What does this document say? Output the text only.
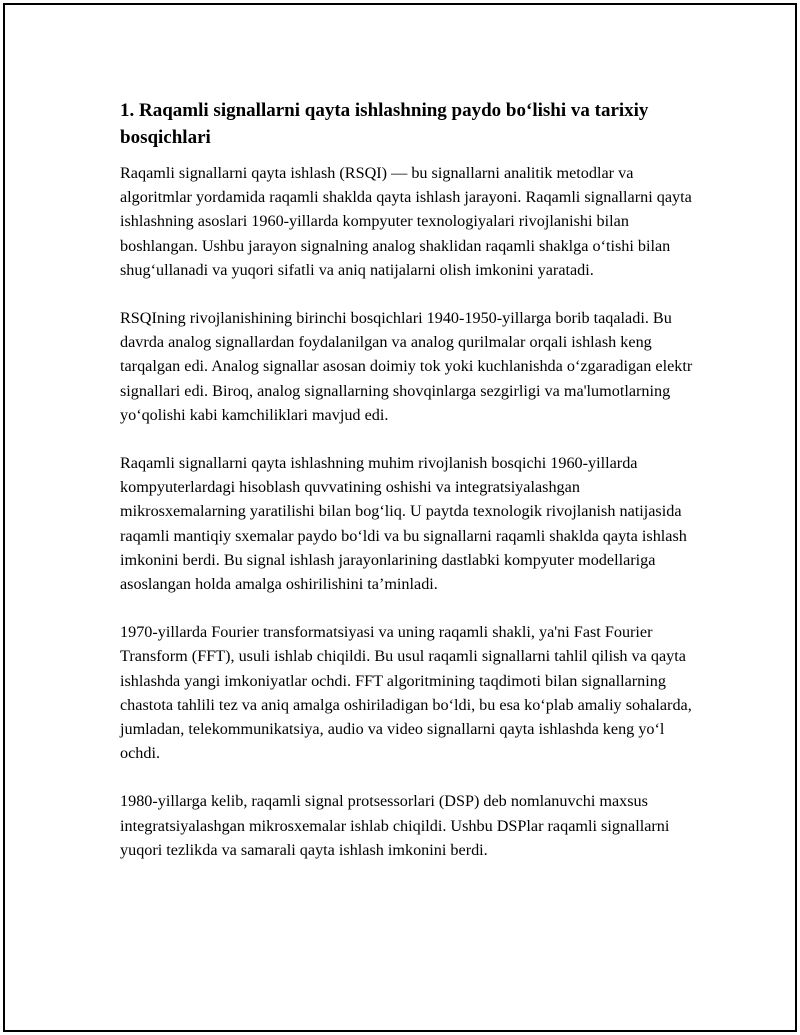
1. Raqamli signallarni qayta ishlashning paydo bo‘lishi va tarixiy bosqichlari

Raqamli signallarni qayta ishlash (RSQI) — bu signallarni analitik metodlar va algoritmlar yordamida raqamli shaklda qayta ishlash jarayoni. Raqamli signallarni qayta ishlashning asoslari 1960-yillarda kompyuter texnologiyalari rivojlanishi bilan boshlangan. Ushbu jarayon signalning analog shaklidan raqamli shaklga o‘tishi bilan shug‘ullanadi va yuqori sifatli va aniq natijalarni olish imkonini yaratadi.

RSQIning rivojlanishining birinchi bosqichlari 1940-1950-yillarga borib taqaladi. Bu davrda analog signallardan foydalanilgan va analog qurilmalar orqali ishlash keng tarqalgan edi. Analog signallar asosan doimiy tok yoki kuchlanishda o‘zgaradigan elektr signallari edi. Biroq, analog signallarning shovqinlarga sezgirligi va ma'lumotlarning yo‘qolishi kabi kamchiliklari mavjud edi.

Raqamli signallarni qayta ishlashning muhim rivojlanish bosqichi 1960-yillarda kompyuterlardagi hisoblash quvvatining oshishi va integratsiyalashgan mikrosxemalarning yaratilishi bilan bog‘liq. U paytda texnologik rivojlanish natijasida raqamli mantiqiy sxemalar paydo bo‘ldi va bu signallarni raqamli shaklda qayta ishlash imkonini berdi. Bu signal ishlash jarayonlarining dastlabki kompyuter modellariga asoslangan holda amalga oshirilishini ta’minladi.

1970-yillarda Fourier transformatsiyasi va uning raqamli shakli, ya'ni Fast Fourier Transform (FFT), usuli ishlab chiqildi. Bu usul raqamli signallarni tahlil qilish va qayta ishlashda yangi imkoniyatlar ochdi. FFT algoritmining taqdimoti bilan signallarning chastota tahlili tez va aniq amalga oshiriladigan bo‘ldi, bu esa ko‘plab amaliy sohalarda, jumladan, telekommunikatsiya, audio va video signallarni qayta ishlashda keng yo‘l ochdi.

1980-yillarga kelib, raqamli signal protsessorlari (DSP) deb nomlanuvchi maxsus integratsiyalashgan mikrosxemalar ishlab chiqildi. Ushbu DSPlar raqamli signallarni yuqori tezlikda va samarali qayta ishlash imkonini berdi.
